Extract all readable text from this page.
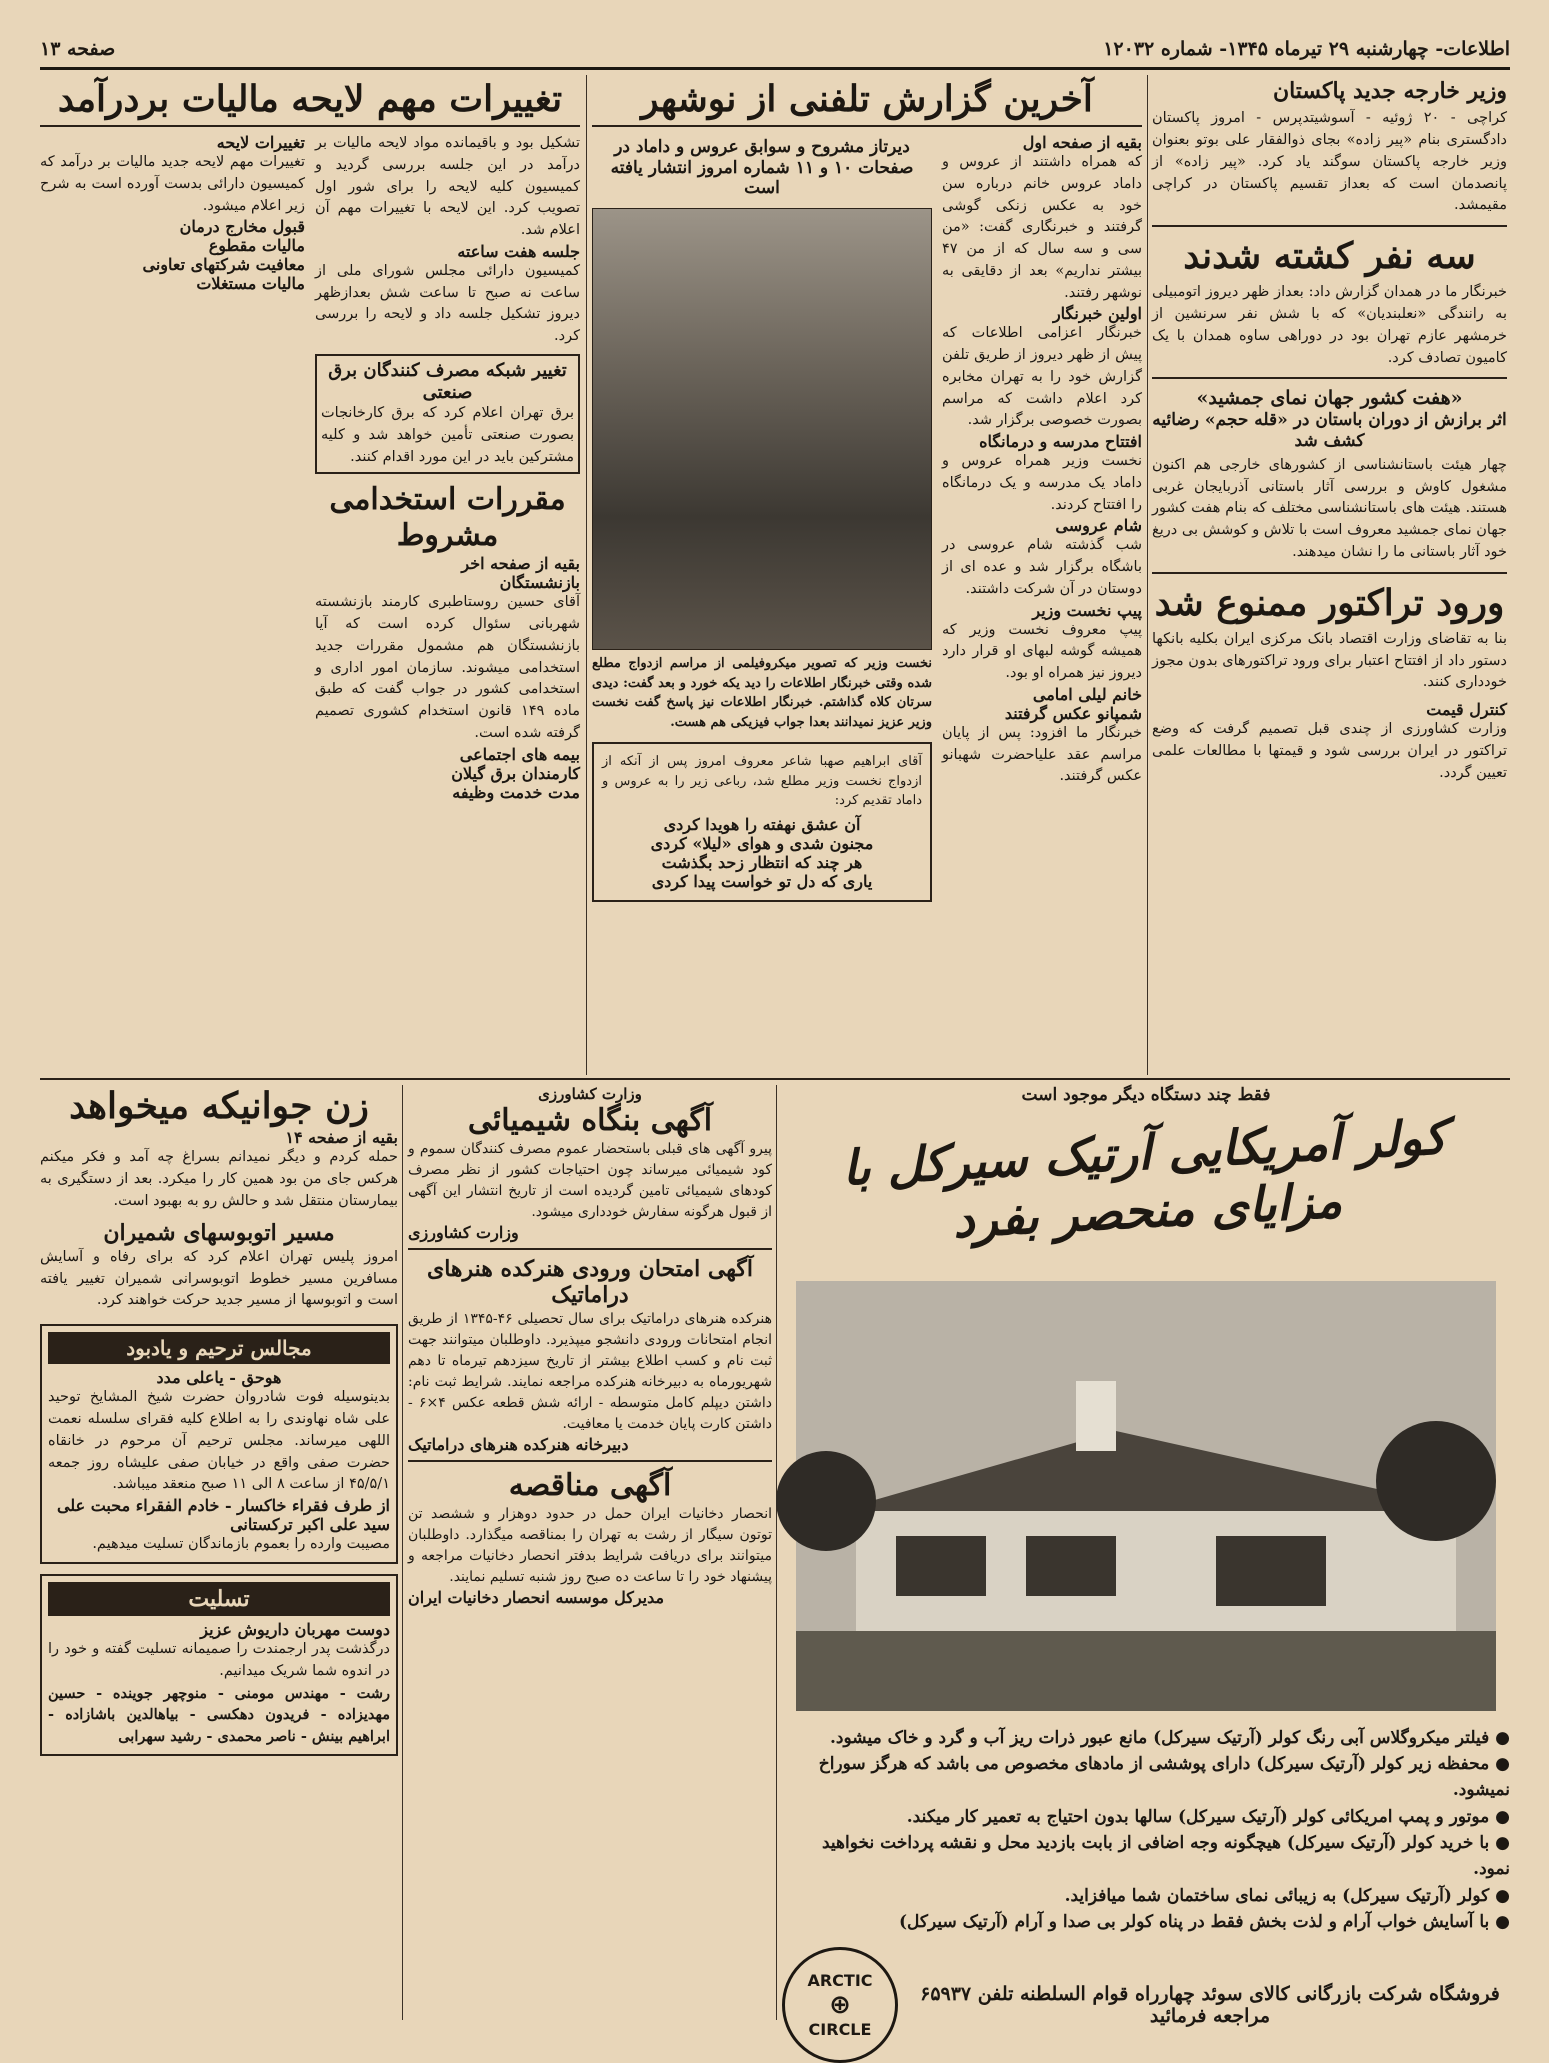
اطلاعات- چهارشنبه ۲۹ تیرماه ۱۳۴۵- شماره ۱۲۰۳۲
صفحه ۱۳
وزیر خارجه جدید پاکستان
کراچی - ۲۰ ژوئیه - آسوشیتدپرس - امروز پاکستان دادگستری بنام «پیر زاده» بجای ذوالفقار علی بوتو بعنوان وزیر خارجه پاکستان سوگند یاد کرد. «پیر زاده» از پانصدمان است که بعداز تقسیم پاکستان در کراچی مقیمشد.
سه نفر کشته شدند
خبرنگار ما در همدان گزارش داد: بعداز ظهر دیروز اتومبیلی به رانندگی «نعلبندیان» که با شش نفر سرنشین از خرمشهر عازم تهران بود در دوراهی ساوه همدان با یک کامیون تصادف کرد.
«هفت کشور جهان نمای جمشید»
اثر برازش از دوران باستان در «قله حجم» رضائیه کشف شد
چهار هیئت باستانشناسی از کشورهای خارجی هم اکنون مشغول کاوش و بررسی آثار باستانی آذربایجان غربی هستند. هیئت های باستانشناسی مختلف که بنام هفت کشور جهان نمای جمشید معروف است با تلاش و کوشش بی دریغ خود آثار باستانی ما را نشان میدهند.
ورود تراکتور ممنوع شد
بنا به تقاضای وزارت اقتصاد بانک مرکزی ایران بکلیه بانکها دستور داد از افتتاح اعتبار برای ورود تراکتورهای بدون مجوز خودداری کنند.
کنترل قیمت
وزارت کشاورزی از چندی قبل تصمیم گرفت که وضع تراکتور در ایران بررسی شود و قیمتها با مطالعات علمی تعیین گردد.
آخرین گزارش تلفنی از نوشهر
بقیه از صفحه اول
که همراه داشتند از عروس و داماد عروس خانم درباره سن خود به عکس زنکی گوشی گرفتند و خبرنگاری گفت: «من سی و سه سال که از من ۴۷ بیشتر نداریم» بعد از دقایقی به نوشهر رفتند.
اولین خبرنگار
خبرنگار اعزامی اطلاعات که پیش از ظهر دیروز از طریق تلفن گزارش خود را به تهران مخابره کرد اعلام داشت که مراسم بصورت خصوصی برگزار شد.
افتتاح مدرسه و درمانگاه
نخست وزیر همراه عروس و داماد یک مدرسه و یک درمانگاه را افتتاح کردند.
شام عروسی
شب گذشته شام عروسی در باشگاه برگزار شد و عده ای از دوستان در آن شرکت داشتند.
پیپ نخست وزیر
پیپ معروف نخست وزیر که همیشه گوشه لبهای او قرار دارد دیروز نیز همراه او بود.
خانم لیلی امامی
شمپانو عکس گرفتند
خبرنگار ما افزود: پس از پایان مراسم عقد علیاحضرت شهبانو عکس گرفتند.
دیرتاز مشروح و سوابق عروس و داماد در صفحات ۱۰ و ۱۱ شماره امروز انتشار یافته است
نخست وزیر که تصویر میکروفیلمی از مراسم ازدواج مطلع شده وقتی خبرنگار اطلاعات را دید یکه خورد و بعد گفت: دیدی سرتان کلاه گذاشتم. خبرنگار اطلاعات نیز پاسخ گفت نخست وزیر عزیز نمیدانند بعدا جواب فیزیکی هم هست.
آقای ابراهیم صهبا شاعر معروف امروز پس از آنکه از ازدواج نخست وزیر مطلع شد، رباعی زیر را به عروس و داماد تقدیم کرد:
آن عشق نهفته را هویدا کردی
مجنون شدی و هوای «لیلا» کردی
هر چند که انتظار زحد بگذشت
یاری که دل تو خواست پیدا کردی
تغییرات مهم لایحه مالیات بردرآمد
تشکیل بود و باقیمانده مواد لایحه مالیات بر درآمد در این جلسه بررسی گردید و کمیسیون کلیه لایحه را برای شور اول تصویب کرد. این لایحه با تغییرات مهم آن اعلام شد.
جلسه هفت ساعته
کمیسیون دارائی مجلس شورای ملی از ساعت نه صبح تا ساعت شش بعدازظهر دیروز تشکیل جلسه داد و لایحه را بررسی کرد.
تغییر شبکه مصرف کنندگان برق صنعتی
برق تهران اعلام کرد که برق کارخانجات بصورت صنعتی تأمین خواهد شد و کلیه مشترکین باید در این مورد اقدام کنند.
مقررات استخدامی مشروط
بقیه از صفحه اخر
بازنشستگان
آقای حسین روستاطبری کارمند بازنشسته شهربانی سئوال کرده است که آیا بازنشستگان هم مشمول مقررات جدید استخدامی میشوند. سازمان امور اداری و استخدامی کشور در جواب گفت که طبق ماده ۱۴۹ قانون استخدام کشوری تصمیم گرفته شده است.
بیمه های اجتماعی
کارمندان برق گیلان
مدت خدمت وظیفه
تغییرات لایحه
تغییرات مهم لایحه جدید مالیات بر درآمد که کمیسیون دارائی بدست آورده است به شرح زیر اعلام میشود.
قبول مخارج درمان
مالیات مقطوع
معافیت شرکتهای تعاونی
مالیات مستغلات
زن جوانیکه میخواهد
بقیه از صفحه ۱۴
حمله کردم و دیگر نمیدانم بسراغ چه آمد و فکر میکنم هرکس جای من بود همین کار را میکرد. بعد از دستگیری به بیمارستان منتقل شد و حالش رو به بهبود است.
مسیر اتوبوسهای شمیران
امروز پلیس تهران اعلام کرد که برای رفاه و آسایش مسافرین مسیر خطوط اتوبوسرانی شمیران تغییر یافته است و اتوبوسها از مسیر جدید حرکت خواهند کرد.
مجالس ترحیم و یادبود
هوحق - یاعلی مدد
بدینوسیله فوت شادروان حضرت شیخ المشایخ توحید علی شاه نهاوندی را به اطلاع کلیه فقرای سلسله نعمت اللهی میرساند. مجلس ترحیم آن مرحوم در خانقاه حضرت صفی واقع در خیابان صفی علیشاه روز جمعه ۴۵/۵/۱ از ساعت ۸ الی ۱۱ صبح منعقد میباشد.
از طرف فقراء خاکسار - خادم الفقراء محبت علی
سید علی اکبر ترکستانی
مصیبت وارده را بعموم بازماندگان تسلیت میدهیم.
تسلیت
دوست مهربان داریوش عزیز
درگذشت پدر ارجمندت را صمیمانه تسلیت گفته و خود را در اندوه شما شریک میدانیم.
رشت - مهندس مومنی - منوچهر جوینده - حسین مهدیزاده - فریدون دهکسی - بیاهالدین باشازاده - ابراهیم بینش - ناصر محمدی - رشید سهرابی
وزارت کشاورزی
آگهی بنگاه شیمیائی
پیرو آگهی های قبلی باستحضار عموم مصرف کنندگان سموم و کود شیمیائی میرساند چون احتیاجات کشور از نظر مصرف کودهای شیمیائی تامین گردیده است از تاریخ انتشار این آگهی از قبول هرگونه سفارش خودداری میشود.
وزارت کشاورزی
آگهی امتحان ورودی هنرکده هنرهای دراماتیک
هنرکده هنرهای دراماتیک برای سال تحصیلی ۴۶-۱۳۴۵ از طریق انجام امتحانات ورودی دانشجو میپذیرد. داوطلبان میتوانند جهت ثبت نام و کسب اطلاع بیشتر از تاریخ سیزدهم تیرماه تا دهم شهریورماه به دبیرخانه هنرکده مراجعه نمایند. شرایط ثبت نام: داشتن دیپلم کامل متوسطه - ارائه شش قطعه عکس ۴×۶ - داشتن کارت پایان خدمت یا معافیت.
دبیرخانه هنرکده هنرهای دراماتیک
آگهی مناقصه
انحصار دخانیات ایران حمل در حدود دوهزار و ششصد تن توتون سیگار از رشت به تهران را بمناقصه میگذارد. داوطلبان میتوانند برای دریافت شرایط بدفتر انحصار دخانیات مراجعه و پیشنهاد خود را تا ساعت ده صبح روز شنبه تسلیم نمایند.
مدیرکل موسسه انحصار دخانیات ایران
فقط چند دستگاه دیگر موجود است
کولر آمریکایی آرتیک سیرکل با مزایای منحصر بفرد
● فیلتر میکروگلاس آبی رنگ کولر (آرتیک سیرکل) مانع عبور ذرات ریز آب و گرد و خاک میشود.
● محفظه زیر کولر (آرتیک سیرکل) دارای پوششی از مادهای مخصوص می باشد که هرگز سوراخ نمیشود.
● موتور و پمپ امریکائی کولر (آرتیک سیرکل) سالها بدون احتیاج به تعمیر کار میکند.
● با خرید کولر (آرتیک سیرکل) هیچگونه وجه اضافی از بابت بازدید محل و نقشه پرداخت نخواهید نمود.
● کولر (آرتیک سیرکل) به زیبائی نمای ساختمان شما میافزاید.
● با آسایش خواب آرام و لذت بخش فقط در پناه کولر بی صدا و آرام (آرتیک سیرکل)
فروشگاه شرکت بازرگانی کالای سوئد چهارراه قوام السلطنه تلفن ۶۵۹۳۷ مراجعه فرمائید
ARCTIC
⊕
CIRCLE
